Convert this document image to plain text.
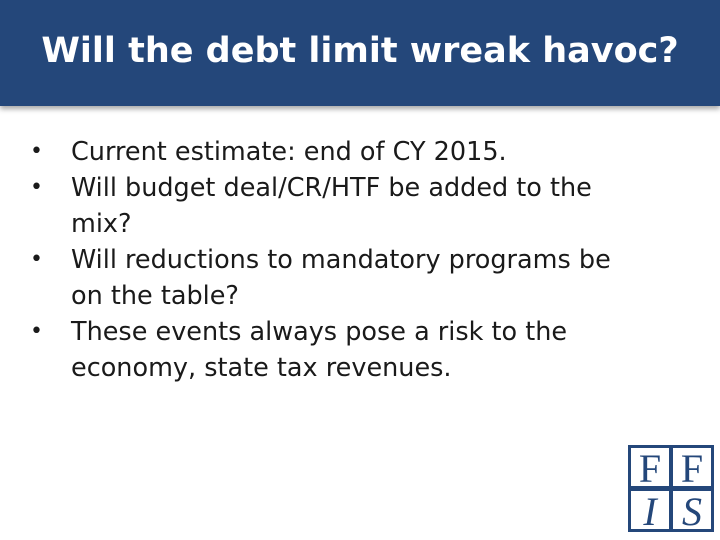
Will the debt limit wreak havoc?
•	Current estimate: end of CY 2015.
•	Will budget deal/CR/HTF be added to the mix?
•	Will reductions to mandatory programs be on the table?
•	These events always pose a risk to the economy, state tax revenues.
F F
I S
